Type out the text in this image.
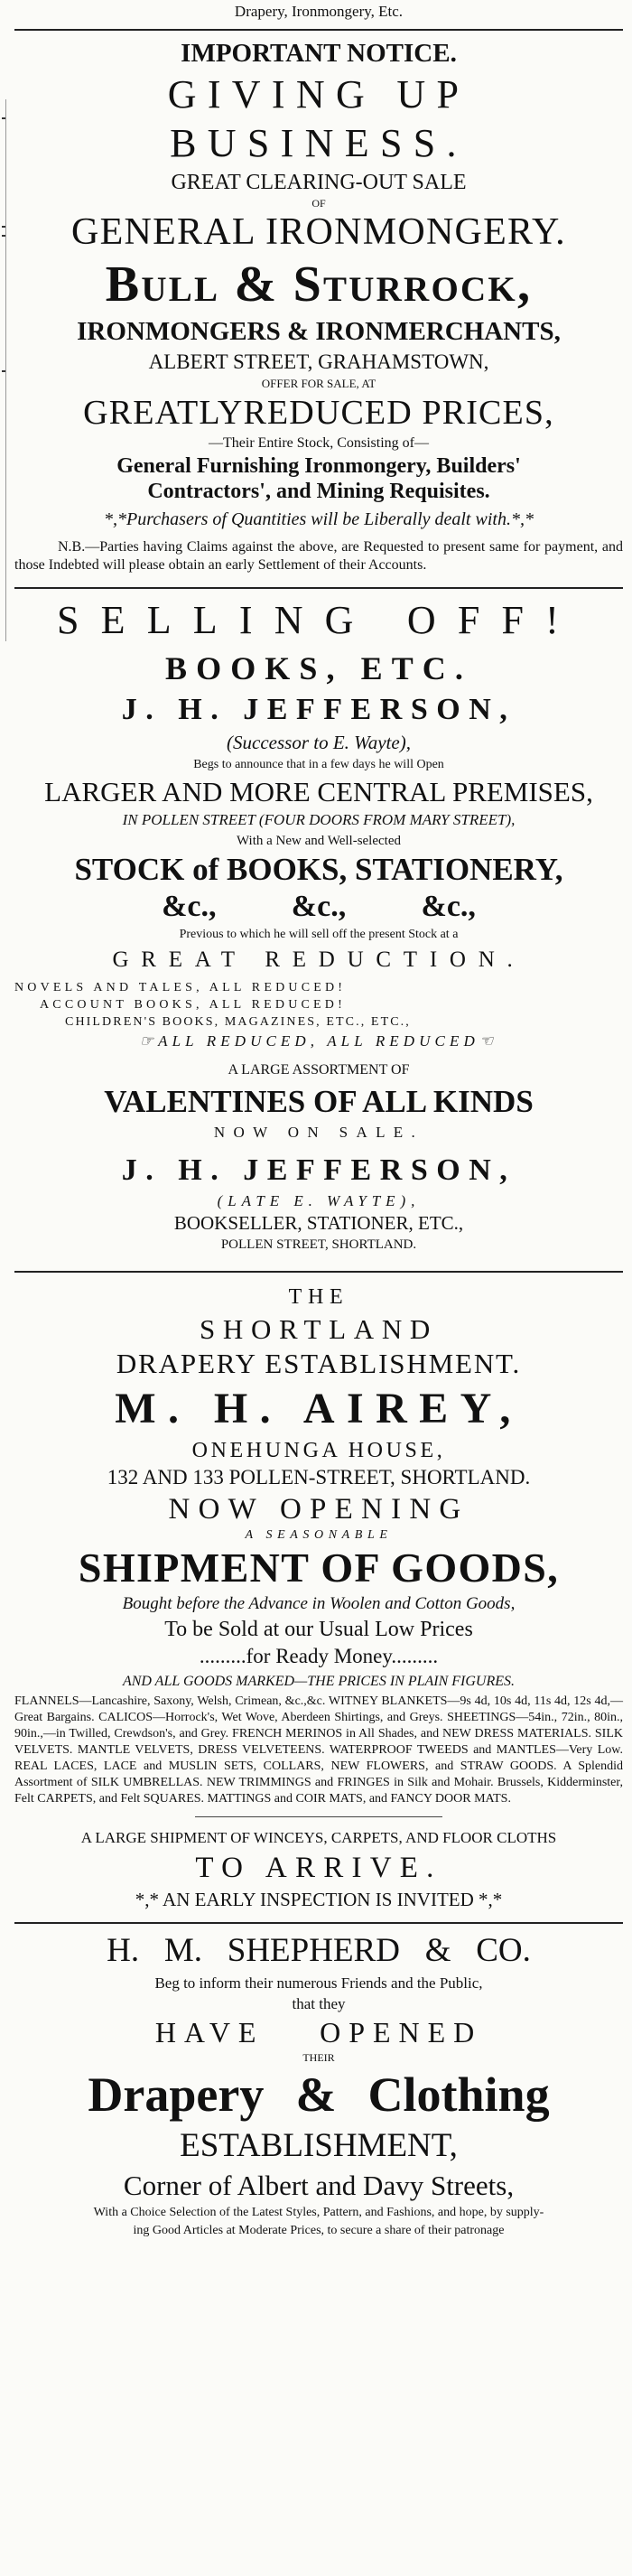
Drapery, Ironmongery, Etc.

IMPORTANT NOTICE.

GIVING UP BUSINESS.

GREAT CLEARING-OUT SALE

OF

GENERAL IRONMONGERY.

Bull & Sturrock,

IRONMONGERS & IRONMERCHANTS,

ALBERT STREET, GRAHAMSTOWN,

OFFER FOR SALE, AT

GREATLYREDUCED PRICES,

—Their Entire Stock, Consisting of—

General Furnishing Ironmongery, Builders'

Contractors', and Mining Requisites.

*,*Purchasers of Quantities will be Liberally dealt with.*,*

N.B.—Parties having Claims against the above, are Requested to present same for payment, and those Indebted will please obtain an early Settlement of their Accounts.

SELLING OFF!

BOOKS, ETC.

J. H. JEFFERSON,

(Successor to E. Wayte),

Begs to announce that in a few days he will Open

LARGER AND MORE CENTRAL PREMISES,

IN POLLEN STREET (FOUR DOORS FROM MARY STREET),

With a New and Well-selected

STOCK of BOOKS, STATIONERY,

&c., &c., &c.,

Previous to which he will sell off the present Stock at a

GREAT REDUCTION.

NOVELS AND TALES, ALL REDUCED!

ACCOUNT BOOKS, ALL REDUCED!

CHILDREN'S BOOKS, MAGAZINES, ETC., ETC.,

☞ALL REDUCED, ALL REDUCED☜

A LARGE ASSORTMENT OF

VALENTINES OF ALL KINDS

NOW ON SALE.

J. H. JEFFERSON,

(LATE E. WAYTE),

BOOKSELLER, STATIONER, ETC.,

POLLEN STREET, SHORTLAND.

THE

SHORTLAND

DRAPERY ESTABLISHMENT.

M. H. AIREY,

ONEHUNGA HOUSE,

132 AND 133 POLLEN-STREET, SHORTLAND.

NOW OPENING

A SEASONABLE

SHIPMENT OF GOODS,

Bought before the Advance in Woolen and Cotton Goods,

To be Sold at our Usual Low Prices

.........for Ready Money.........

AND ALL GOODS MARKED—THE PRICES IN PLAIN FIGURES.

FLANNELS—Lancashire, Saxony, Welsh, Crimean, &c.,&c. WITNEY BLANKETS—9s 4d, 10s 4d, 11s 4d, 12s 4d,—Great Bargains. CALICOS—Horrock's, Wet Wove, Aberdeen Shirtings, and Greys. SHEETINGS—54in., 72in., 80in., 90in.,—in Twilled, Crewdson's, and Grey. FRENCH MERINOS in All Shades, and NEW DRESS MATERIALS. SILK VELVETS. MANTLE VELVETS, DRESS VELVETEENS. WATERPROOF TWEEDS and MANTLES—Very Low. REAL LACES, LACE and MUSLIN SETS, COLLARS, NEW FLOWERS, and STRAW GOODS. A Splendid Assortment of SILK UMBRELLAS. NEW TRIMMINGS and FRINGES in Silk and Mohair. Brussels, Kidderminster, Felt CARPETS, and Felt SQUARES. MATTINGS and COIR MATS, and FANCY DOOR MATS.

A LARGE SHIPMENT OF WINCEYS, CARPETS, AND FLOOR CLOTHS

TO ARRIVE.

*,* AN EARLY INSPECTION IS INVITED *,*

H. M. SHEPHERD & CO.

Beg to inform their numerous Friends and the Public,

that they

HAVE OPENED

THEIR

Drapery & Clothing

ESTABLISHMENT,

Corner of Albert and Davy Streets,

With a Choice Selection of the Latest Styles, Pattern, and Fashions, and hope, by supply-

ing Good Articles at Moderate Prices, to secure a share of their patronage
